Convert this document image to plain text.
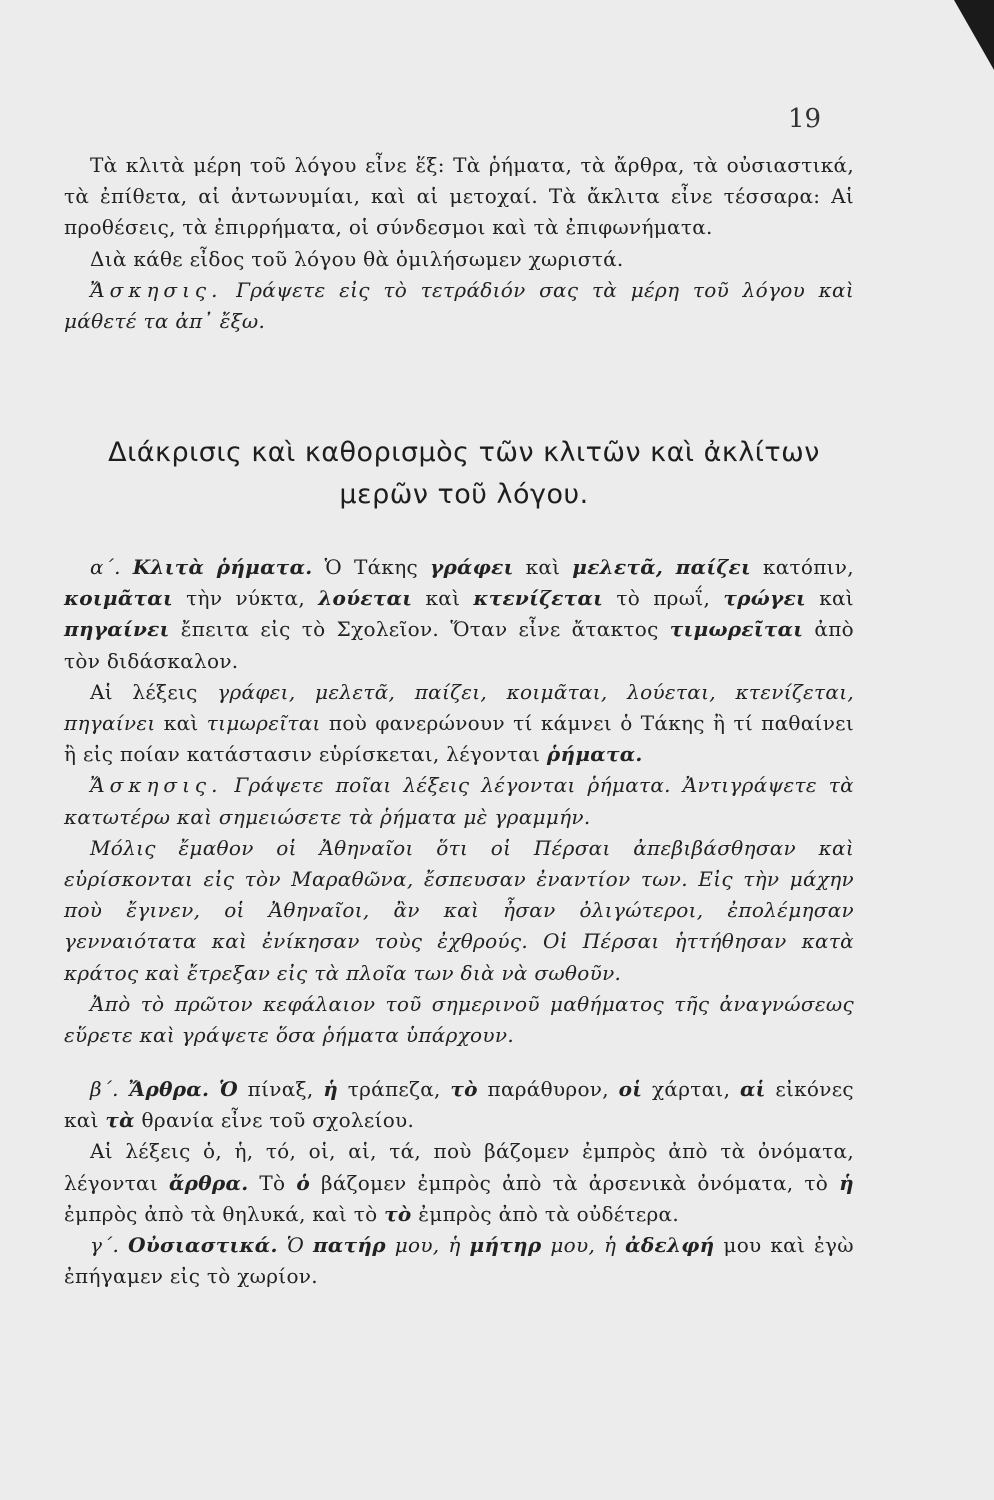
19

Τὰ κλιτὰ μέρη τοῦ λόγου εἶνε ἕξ: Τὰ ῥήματα, τὰ ἄρθρα, τὰ οὐσιαστικά, τὰ ἐπίθετα, αἱ ἀντωνυμίαι, καὶ αἱ μετοχαί. Τὰ ἄκλιτα εἶνε τέσσαρα: Αἱ προθέσεις, τὰ ἐπιρρήματα, οἱ σύνδεσμοι καὶ τὰ ἐπιφωνήματα.

Διὰ κάθε εἶδος τοῦ λόγου θὰ ὁμιλήσωμεν χωριστά.

Ἄσκησις. Γράψετε εἰς τὸ τετράδιόν σας τὰ μέρη τοῦ λόγου καὶ μάθετέ τα ἀπ᾽ ἔξω.

Διάκρισις καὶ καθορισμὸς τῶν κλιτῶν καὶ ἀκλίτων μερῶν τοῦ λόγου.

α΄. Κλιτὰ ῥήματα. Ὁ Τάκης γράφει καὶ μελετᾶ, παίζει κατόπιν, κοιμᾶται τὴν νύκτα, λούεται καὶ κτενίζεται τὸ πρωΐ, τρώγει καὶ πηγαίνει ἔπειτα εἰς τὸ Σχολεῖον. Ὅταν εἶνε ἄτακτος τιμωρεῖται ἀπὸ τὸν διδάσκαλον.

Αἱ λέξεις γράφει, μελετᾶ, παίζει, κοιμᾶται, λούεται, κτενίζεται, πηγαίνει καὶ τιμωρεῖται ποὺ φανερώνουν τί κάμνει ὁ Τάκης ἢ τί παθαίνει ἢ εἰς ποίαν κατάστασιν εὑρίσκεται, λέγονται ῥήματα.

Ἄσκησις. Γράψετε ποῖαι λέξεις λέγονται ῥήματα. Ἀντιγράψετε τὰ κατωτέρω καὶ σημειώσετε τὰ ῥήματα μὲ γραμμήν.

Μόλις ἔμαθον οἱ Ἀθηναῖοι ὅτι οἱ Πέρσαι ἀπεβιβάσθησαν καὶ εὑρίσκονται εἰς τὸν Μαραθῶνα, ἔσπευσαν ἐναντίον των. Εἰς τὴν μάχην ποὺ ἔγινεν, οἱ Ἀθηναῖοι, ἂν καὶ ἦσαν ὀλιγώτεροι, ἐπολέμησαν γενναιότατα καὶ ἐνίκησαν τοὺς ἐχθρούς. Οἱ Πέρσαι ἡττήθησαν κατὰ κράτος καὶ ἔτρεξαν εἰς τὰ πλοῖα των διὰ νὰ σωθοῦν.

Ἀπὸ τὸ πρῶτον κεφάλαιον τοῦ σημερινοῦ μαθήματος τῆς ἀναγνώσεως εὕρετε καὶ γράψετε ὅσα ῥήματα ὑπάρχουν.

β΄. Ἄρθρα. Ὁ πίναξ, ἡ τράπεζα, τὸ παράθυρον, οἱ χάρται, αἱ εἰκόνες καὶ τὰ θρανία εἶνε τοῦ σχολείου.

Αἱ λέξεις ὁ, ἡ, τό, οἱ, αἱ, τά, ποὺ βάζομεν ἐμπρὸς ἀπὸ τὰ ὀνόματα, λέγονται ἄρθρα. Τὸ ὁ βάζομεν ἐμπρὸς ἀπὸ τὰ ἀρσενικὰ ὀνόματα, τὸ ἡ ἐμπρὸς ἀπὸ τὰ θηλυκά, καὶ τὸ τὸ ἐμπρὸς ἀπὸ τὰ οὐδέτερα.

γ΄. Οὐσιαστικά. Ὁ πατήρ μου, ἡ μήτηρ μου, ἡ ἀδελφή μου καὶ ἐγὼ ἐπήγαμεν εἰς τὸ χωρίον.
